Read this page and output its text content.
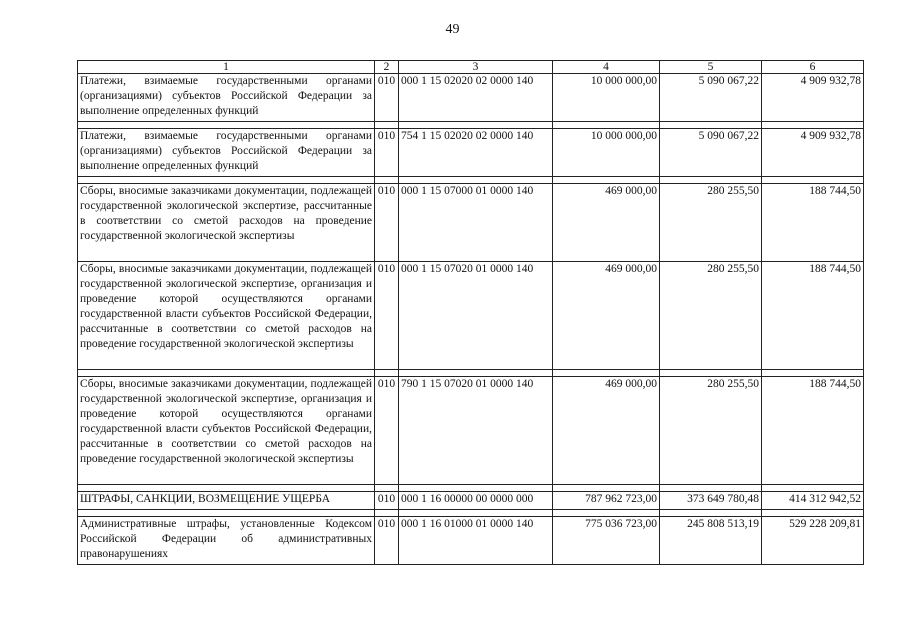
49
1	2	3	4	5	6
Платежи, взимаемые государственными органами (организациями) субъектов Российской Федерации за выполнение определенных функций	010	000 1 15 02020 02 0000 140	10 000 000,00	5 090 067,22	4 909 932,78

Платежи, взимаемые государственными органами (организациями) субъектов Российской Федерации за выполнение определенных функций	010	754 1 15 02020 02 0000 140	10 000 000,00	5 090 067,22	4 909 932,78

Сборы, вносимые заказчиками документации, подлежащей государственной экологической экспертизе, рассчитанные в соответствии со сметой расходов на проведение государственной экологической экспертизы	010	000 1 15 07000 01 0000 140	469 000,00	280 255,50	188 744,50
Сборы, вносимые заказчиками документации, подлежащей государственной экологической экспертизе, организация и проведение которой осуществляются органами государственной власти субъектов Российской Федерации, рассчитанные в соответствии со сметой расходов на проведение государственной экологической экспертизы	010	000 1 15 07020 01 0000 140	469 000,00	280 255,50	188 744,50

Сборы, вносимые заказчиками документации, подлежащей государственной экологической экспертизе, организация и проведение которой осуществляются органами государственной власти субъектов Российской Федерации, рассчитанные в соответствии со сметой расходов на проведение государственной экологической экспертизы	010	790 1 15 07020 01 0000 140	469 000,00	280 255,50	188 744,50

ШТРАФЫ, САНКЦИИ, ВОЗМЕЩЕНИЕ УЩЕРБА	010	000 1 16 00000 00 0000 000	787 962 723,00	373 649 780,48	414 312 942,52

Административные штрафы, установленные Кодексом Российской Федерации об административных правонарушениях	010	000 1 16 01000 01 0000 140	775 036 723,00	245 808 513,19	529 228 209,81
